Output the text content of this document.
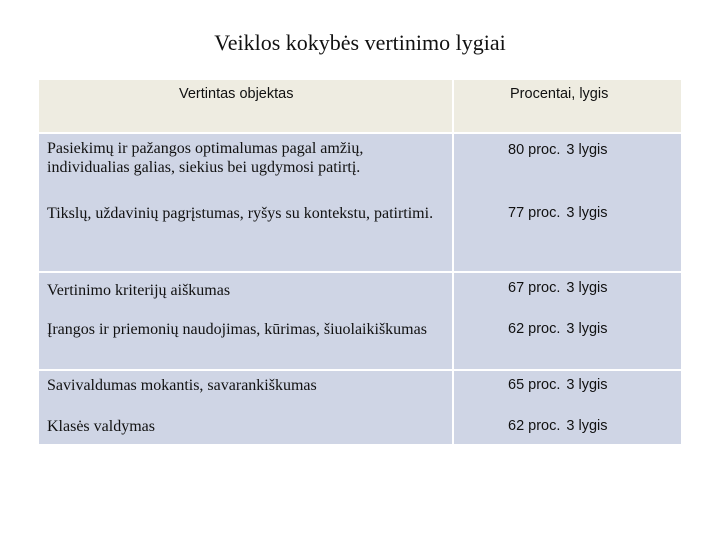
Veiklos kokybės vertinimo lygiai
Vertintas objektas	Procentai, lygis
Pasiekimų ir pažangos optimalumas pagal amžių, individualias galias, siekius bei ugdymosi patirtį.	80 proc. 3 lygis
Tikslų, uždavinių pagrįstumas, ryšys su kontekstu, patirtimi.	77 proc. 3 lygis
Vertinimo kriterijų aiškumas	67 proc. 3 lygis
Įrangos ir priemonių naudojimas, kūrimas, šiuolaikiškumas	62 proc. 3 lygis
Savivaldumas mokantis, savarankiškumas	65 proc. 3 lygis
Klasės valdymas	62 proc. 3 lygis
